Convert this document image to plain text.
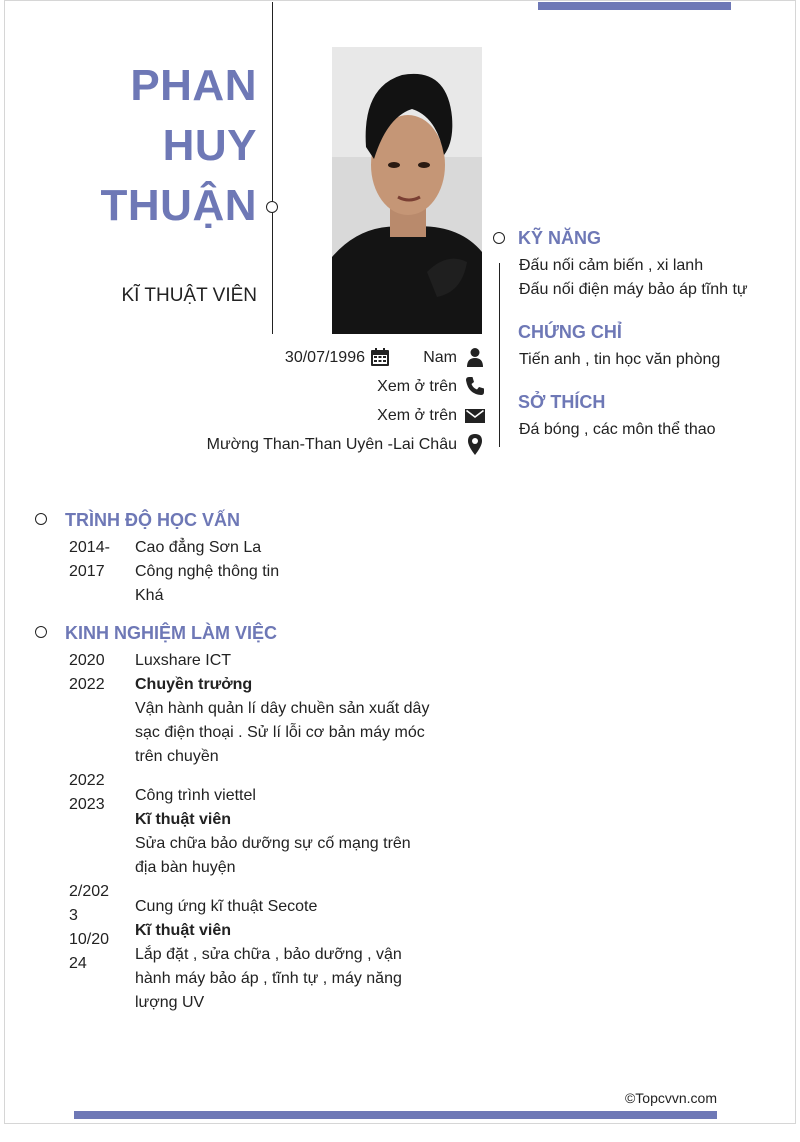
PHAN
HUY
THUẬN
KĨ THUẬT VIÊN
30/07/1996	Nam
Xem ở trên
Xem ở trên
Mường Than-Than Uyên -Lai Châu
KỸ NĂNG
Đấu nối cảm biến , xi lanh
Đấu nối điện máy bảo áp tĩnh tự
CHỨNG CHỈ
Tiến anh , tin học văn phòng
SỞ THÍCH
Đá bóng , các môn thể thao
TRÌNH ĐỘ HỌC VẤN
2014-
2017
Cao đẳng Sơn La
Công nghệ thông tin
Khá
KINH NGHIỆM LÀM VIỆC
2020
2022
Luxshare ICT
Chuyền trưởng
Vận hành quản lí dây chuền sản xuất dây sạc điện thoại . Sử lí lỗi cơ bản máy móc trên chuyền
2022
2023
Công trình viettel
Kĩ thuật viên
Sửa chữa bảo dưỡng sự cố mạng trên địa bàn huyện
2/202
3
10/20
24
Cung ứng kĩ thuật Secote
Kĩ thuật viên
Lắp đặt , sửa chữa , bảo dưỡng , vận hành máy bảo áp , tĩnh tự , máy năng lượng UV
©Topcvvn.com
